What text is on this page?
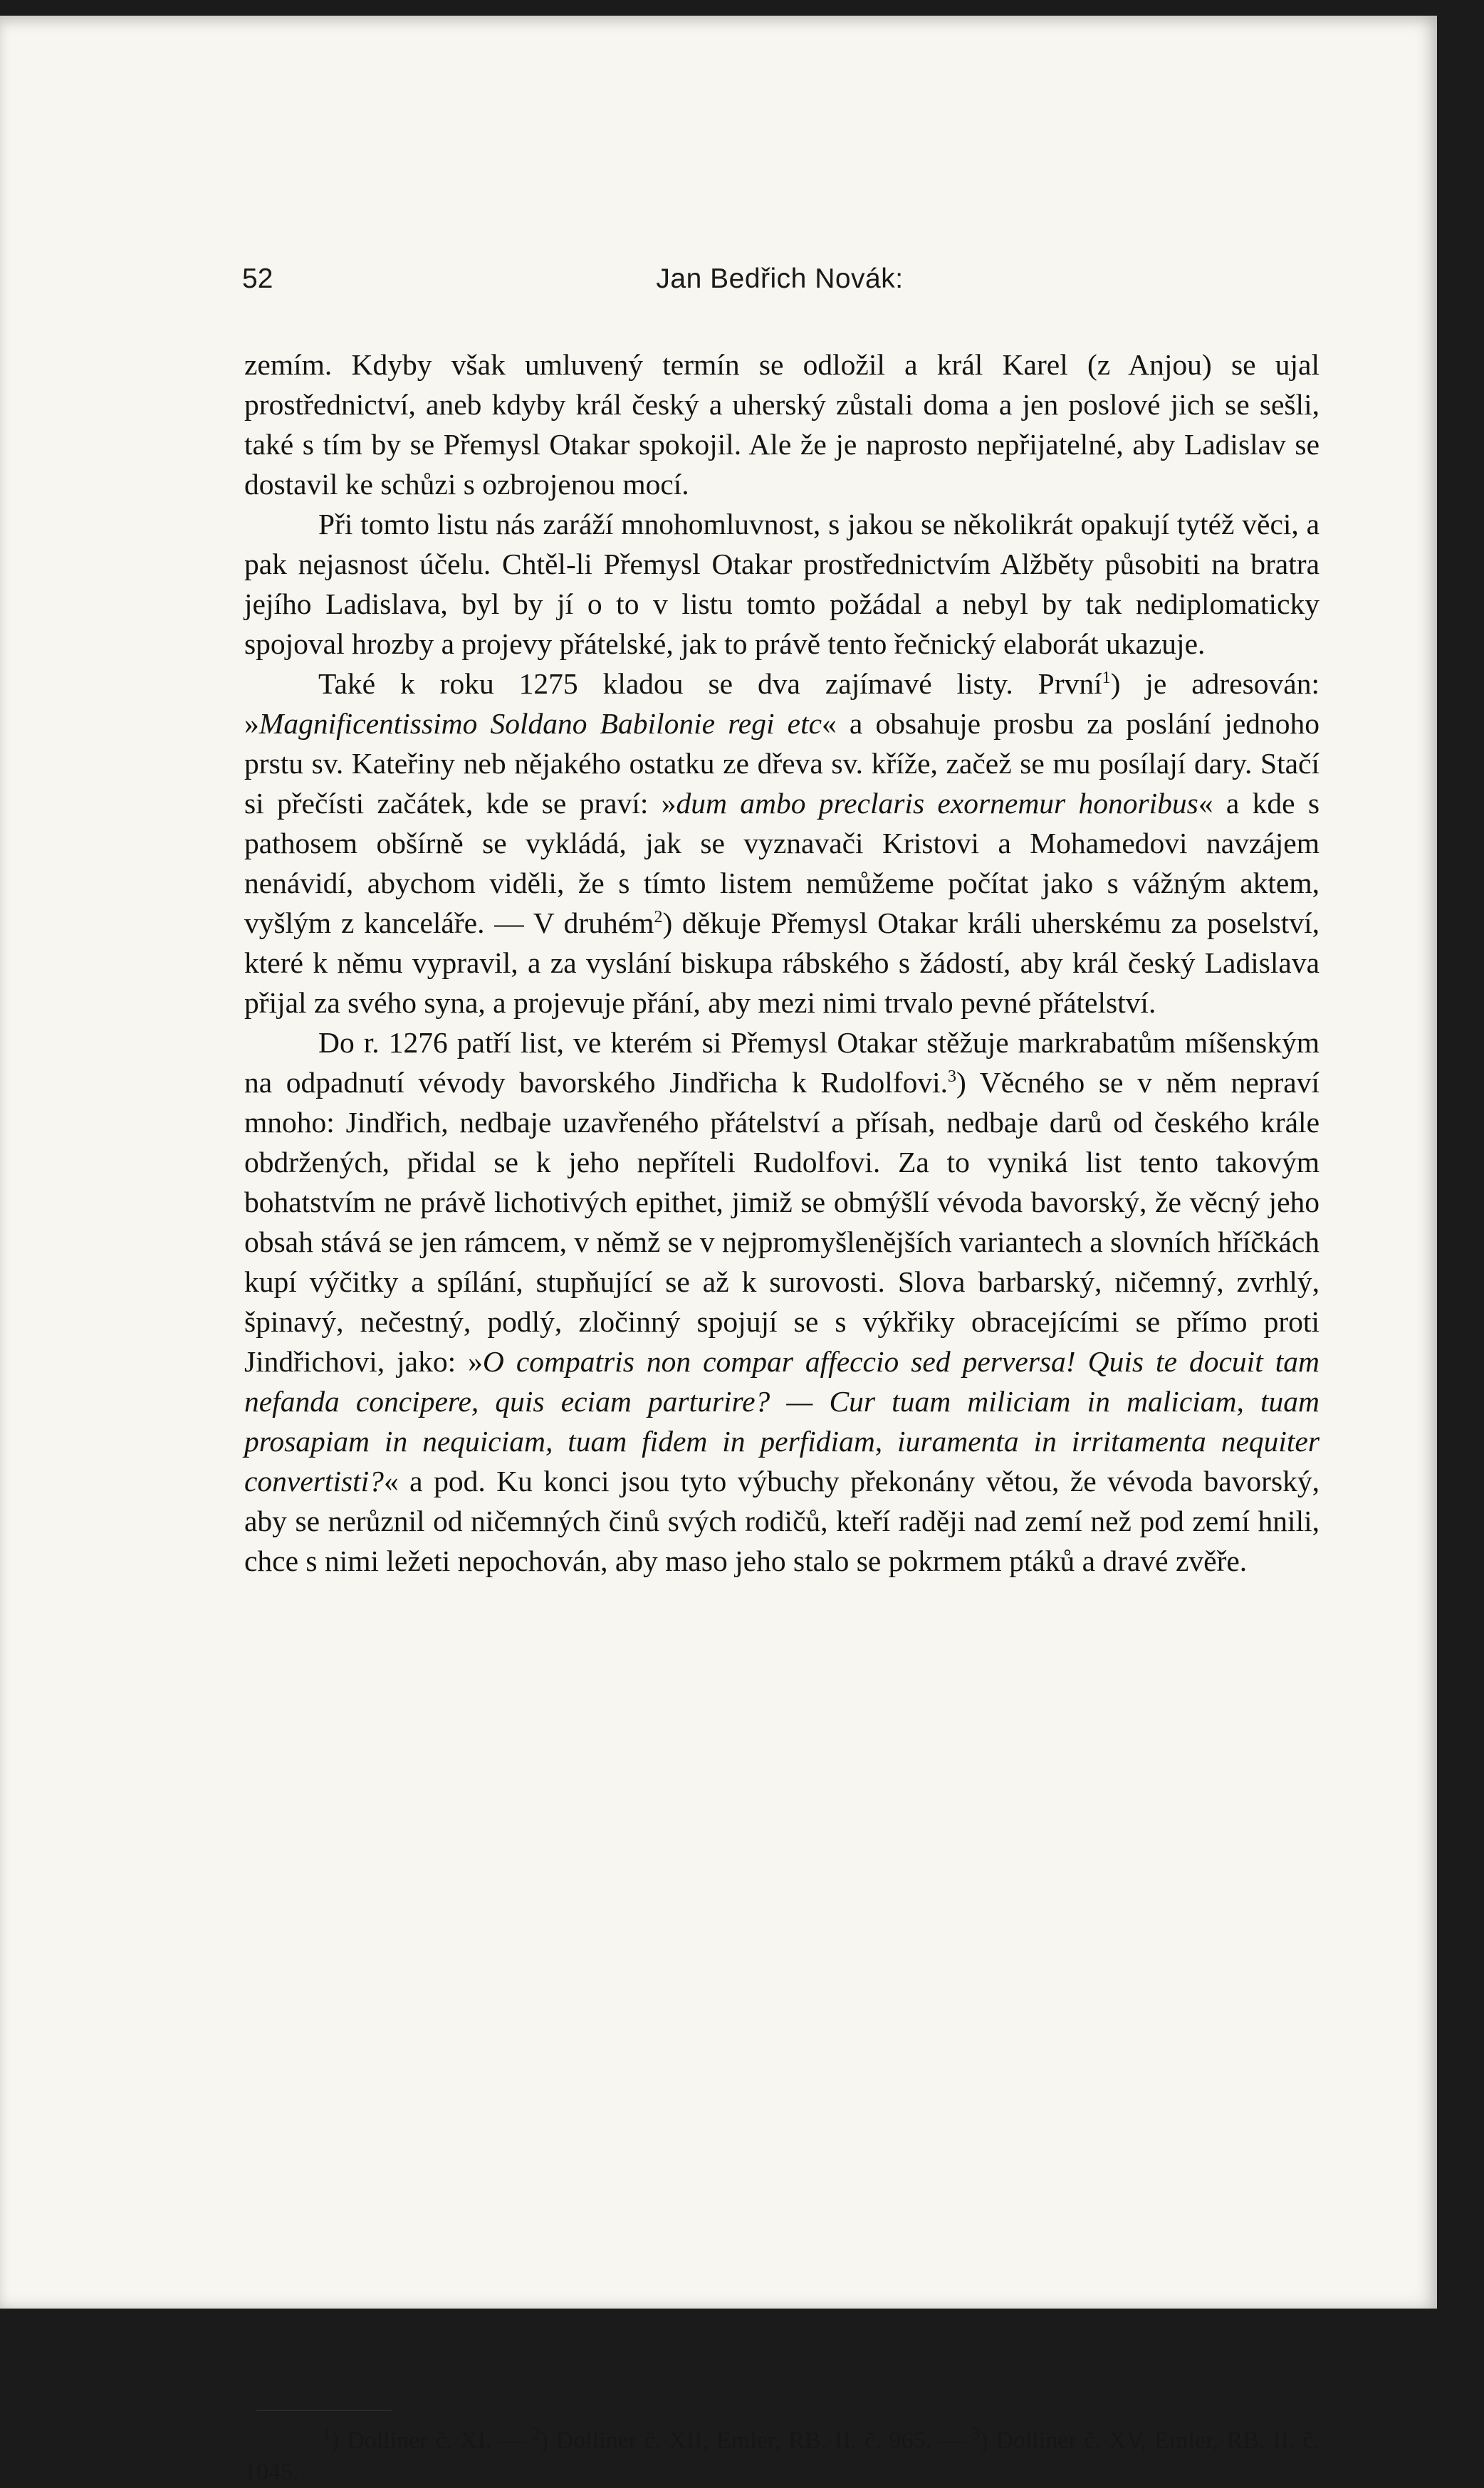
52	Jan Bedřich Novák:

zemím. Kdyby však umluvený termín se odložil a král Karel (z Anjou) se ujal prostřednictví, aneb kdyby král český a uherský zůstali doma a jen poslové jich se sešli, také s tím by se Přemysl Otakar spokojil. Ale že je naprosto nepřijatelné, aby Ladislav se dostavil ke schůzi s ozbrojenou mocí.

Při tomto listu nás zaráží mnohomluvnost, s jakou se několikrát opakují tytéž věci, a pak nejasnost účelu. Chtěl-li Přemysl Otakar prostřednictvím Alžběty působiti na bratra jejího Ladislava, byl by jí o to v listu tomto požádal a nebyl by tak nediplomaticky spojoval hrozby a projevy přátelské, jak to právě tento řečnický elaborát ukazuje.

Také k roku 1275 kladou se dva zajímavé listy. První$^1$) je adresován: »Magnificentissimo Soldano Babilonie regi etc« a obsahuje prosbu za poslání jednoho prstu sv. Kateřiny neb nějakého ostatku ze dřeva sv. kříže, začež se mu posílají dary. Stačí si přečísti začátek, kde se praví: »dum ambo preclaris exornemur honoribus« a kde s pathosem obšírně se vykládá, jak se vyznavači Kristovi a Mohamedovi navzájem nenávidí, abychom viděli, že s tímto listem nemůžeme počítat jako s vážným aktem, vyšlým z kanceláře. — V druhém$^2$) děkuje Přemysl Otakar králi uherskému za poselství, které k němu vypravil, a za vyslání biskupa rábského s žádostí, aby král český Ladislava přijal za svého syna, a projevuje přání, aby mezi nimi trvalo pevné přátelství.

Do r. 1276 patří list, ve kterém si Přemysl Otakar stěžuje markrabatům míšenským na odpadnutí vévody bavorského Jindřicha k Rudolfovi.$^3$) Věcného se v něm nepraví mnoho: Jindřich, nedbaje uzavřeného přátelství a přísah, nedbaje darů od českého krále obdržených, přidal se k jeho nepříteli Rudolfovi. Za to vyniká list tento takovým bohatstvím ne právě lichotivých epithet, jimiž se obmýšlí vévoda bavorský, že věcný jeho obsah stává se jen rámcem, v němž se v nejpromyšlenějších variantech a slovních hříčkách kupí výčitky a spílání, stupňující se až k surovosti. Slova barbarský, ničemný, zvrhlý, špinavý, nečestný, podlý, zločinný spojují se s výkřiky obracejícími se přímo proti Jindřichovi, jako: »O compatris non compar affeccio sed perversa! Quis te docuit tam nefanda concipere, quis eciam parturire? — Cur tuam miliciam in maliciam, tuam prosapiam in nequiciam, tuam fidem in perfidiam, iuramenta in irritamenta nequiter convertisti?« a pod. Ku konci jsou tyto výbuchy překonány větou, že vévoda bavorský, aby se nerůznil od ničemných činů svých rodičů, kteří raději nad zemí než pod zemí hnili, chce s nimi ležeti nepochován, aby maso jeho stalo se pokrmem ptáků a dravé zvěře.

$^1$) Dolliner č. XI. — $^2$) Dolliner č. XII, Emler, RB. II. č. 965. — $^3$) Dolliner č. XV, Emler, RB. II. č. 1045.
